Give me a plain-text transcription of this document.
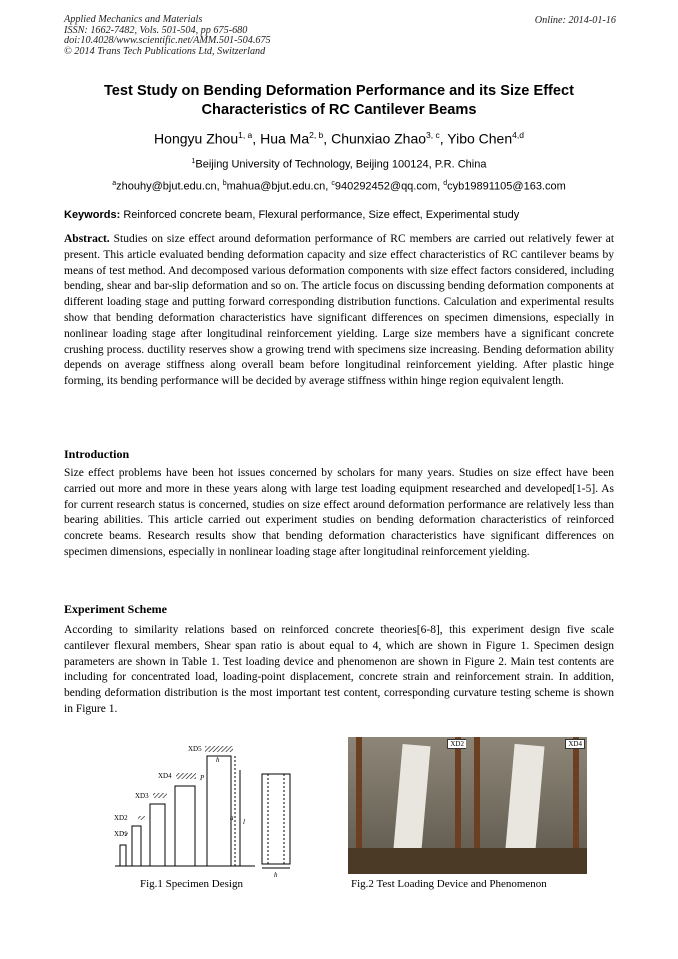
Applied Mechanics and Materials
ISSN: 1662-7482, Vols. 501-504, pp 675-680
doi:10.4028/www.scientific.net/AMM.501-504.675
© 2014 Trans Tech Publications Ltd, Switzerland
Online: 2014-01-16
Test Study on Bending Deformation Performance and its Size Effect
Characteristics of RC Cantilever Beams
Hongyu Zhou$^{1, a}$, Hua Ma$^{2, b}$, Chunxiao Zhao$^{3, c}$, Yibo Chen$^{4,d}$
$^1$Beijing University of Technology, Beijing 100124, P.R. China
$^a$zhouhy@bjut.edu.cn, $^b$mahua@bjut.edu.cn, $^c$940292452@qq.com, $^d$cyb19891105@163.com
Keywords: Reinforced concrete beam, Flexural performance, Size effect, Experimental study
Abstract. Studies on size effect around deformation performance of RC members are carried out relatively fewer at present. This article evaluated bending deformation capacity and size effect characteristics of RC cantilever beams by means of test method. And decomposed various deformation components with size effect factors considered, including bending, shear and bar-slip deformation and so on. The article focus on discussing bending deformation components at different loading stage and putting forward corresponding distribution functions. Calculation and experimental results show that bending deformation characteristics have significant differences on specimen dimensions, especially in nonlinear loading stage after longitudinal reinforcement yielding. Large size members have a significant concrete crushing process. ductility reserves show a growing trend with specimens size increasing. Bending deformation ability depends on average stiffness along overall beam before longitudinal reinforcement yielding. After plastic hinge forming, its bending performance will be decided by average stiffness within hinge region equivalent length.
Introduction
Size effect problems have been hot issues concerned by scholars for many years. Studies on size effect have been carried out more and more in these years along with large test loading equipment researched and developed[1-5]. As for current research status is concerned, studies on size effect around deformation performance are relatively less than bearing abilities. This article carried out experiment studies on bending deformation characteristics of reinforced concrete beams. Research results show that bending deformation characteristics have significant differences on specimen dimensions, especially in nonlinear loading stage after longitudinal reinforcement yielding.
Experiment Scheme
According to similarity relations based on reinforced concrete theories[6-8], this experiment design five scale cantilever flexural members, Shear span ratio is about equal to 4, which are shown in Figure 1. Specimen design parameters are shown in Table 1. Test loading device and phenomenon are shown in Figure 2. Main test contents are including for concentrated load, loading-point displacement, concrete strain and reinforcement strain. In addition, bending deformation distribution is the most important test content, corresponding curvature testing scheme is shown in Figure 1.
XD5
XD4
XD3
XD2
XD1
h
P
a l
h
XD2	XD4
Fig.1 Specimen Design	Fig.2 Test Loading Device and Phenomenon
